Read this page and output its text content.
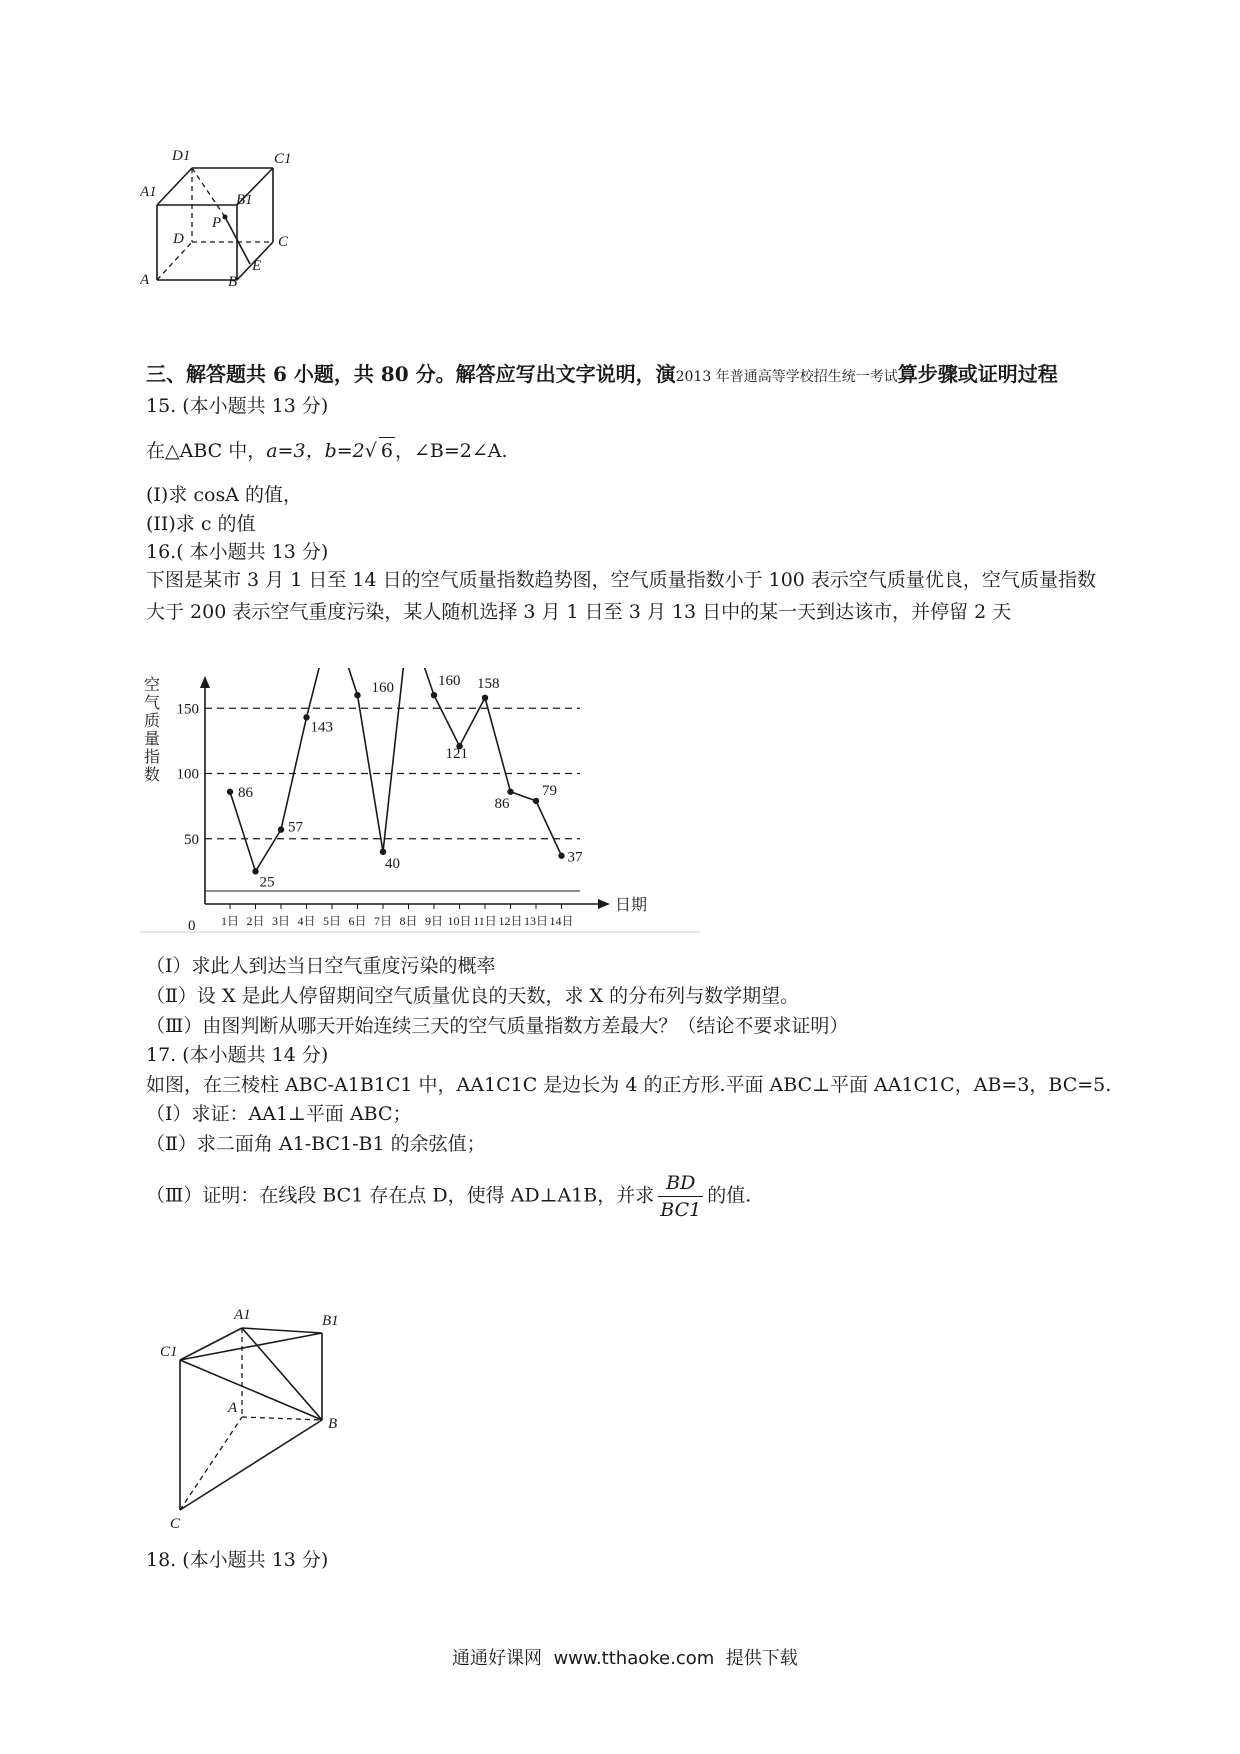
D1	C1
A1	B1
P
D	C
A	B
E
三、解答题共 6 小题，共 80 分。解答应写出文字说明，演2013 年普通高等学校招生统一考试算步骤或证明过程
15. (本小题共 13 分)
在△ABC 中，a=3，b=2√ 6 ，∠B=2∠A.
(I)求 cosA 的值，
(II)求 c 的值
16.( 本小题共 13 分)
下图是某市 3 月 1 日至 14 日的空气质量指数趋势图，空气质量指数小于 100 表示空气质量优良，空气质量指数大于 200 表示空气重度污染，某人随机选择 3 月 1 日至 3 月 13 日中的某一天到达该市，并停留 2 天
50
100
150
0
日期
空
气
质
量
指
数
1日 2日 3日 4日 5日 6日 7日 8日 9日 10日 11日 12日 13日 14日
86
25
57
143
160
40
160
121
158
86
79
37
（Ⅰ）求此人到达当日空气重度污染的概率
（Ⅱ）设 X 是此人停留期间空气质量优良的天数，求 X 的分布列与数学期望。
（Ⅲ）由图判断从哪天开始连续三天的空气质量指数方差最大？（结论不要求证明）
17. (本小题共 14 分)
如图，在三棱柱 ABC-A1B1C1 中，AA1C1C 是边长为 4 的正方形.平面 ABC⊥平面 AA1C1C，AB=3，BC=5.
（Ⅰ）求证：AA1⊥平面 ABC；
（Ⅱ）求二面角 A1-BC1-B1 的余弦值；
（Ⅲ）证明：在线段 BC1 存在点 D，使得 AD⊥A1B，并求 $\frac{BD}{BC1}$ 的值.
A1	B1
C1
A
B
C
18. (本小题共 13 分)
通通好课网  www.tthaoke.com  提供下载
